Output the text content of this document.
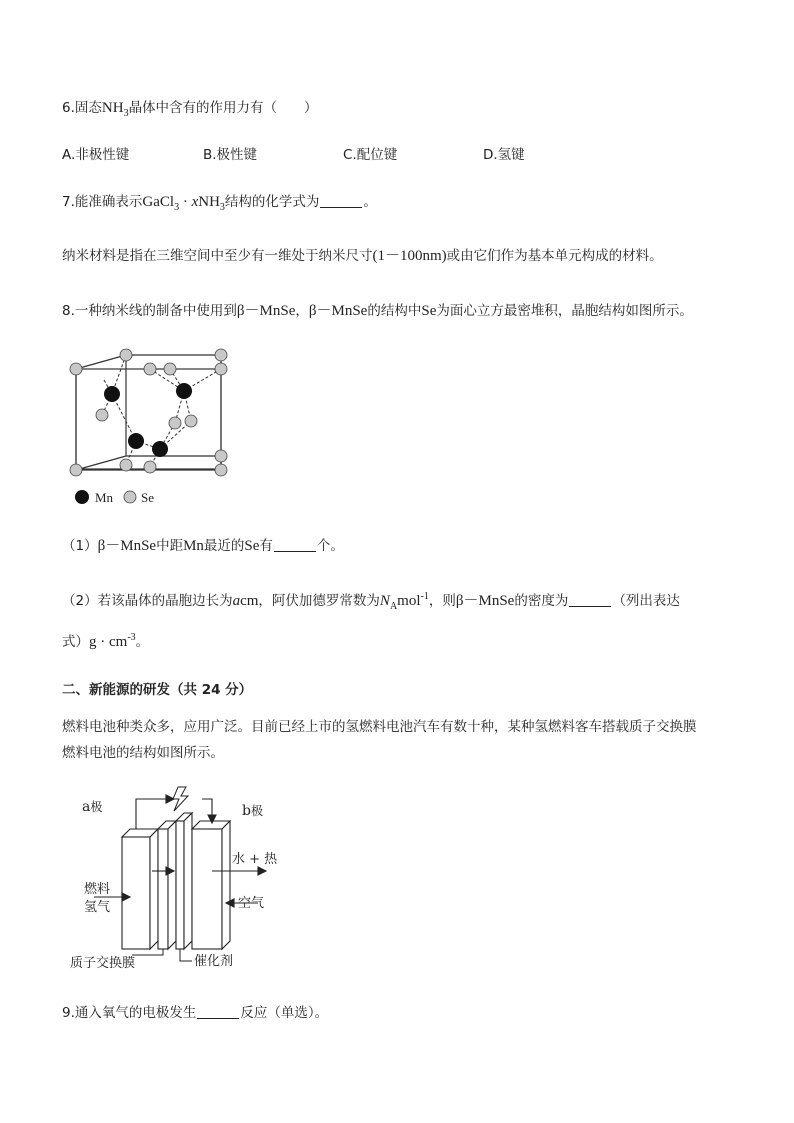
6.固态$NH_3$晶体中含有的作用力有（　　）
A.非极性键	B.极性键	C.配位键	D.氢键
7.能准确表示GaCl$_3$ · xNH$_3$结构的化学式为	。
纳米材料是指在三维空间中至少有一维处于纳米尺寸(1－100nm)或由它们作为基本单元构成的材料。
8.一种纳米线的制备中使用到β－MnSe，β－MnSe的结构中Se为面心立方最密堆积，晶胞结构如图所示。
Mn Se
（1）β－MnSe中距Mn最近的Se有	个。
（2）若该晶体的晶胞边长为acm，阿伏加德罗常数为$N_Amol^{-1}$，则β－MnSe的密度为	（列出表达
式）$g \cdot cm^{-3}$。
二、新能源的研发（共 24 分）
燃料电池种类众多，应用广泛。目前已经上市的氢燃料电池汽车有数十种，某种氢燃料客车搭载质子交换膜
燃料电池的结构如图所示。
a极	b极
水 + 热
燃料
氢气	空气
质子交换膜	催化剂
9.通入氧气的电极发生	反应（单选）。
